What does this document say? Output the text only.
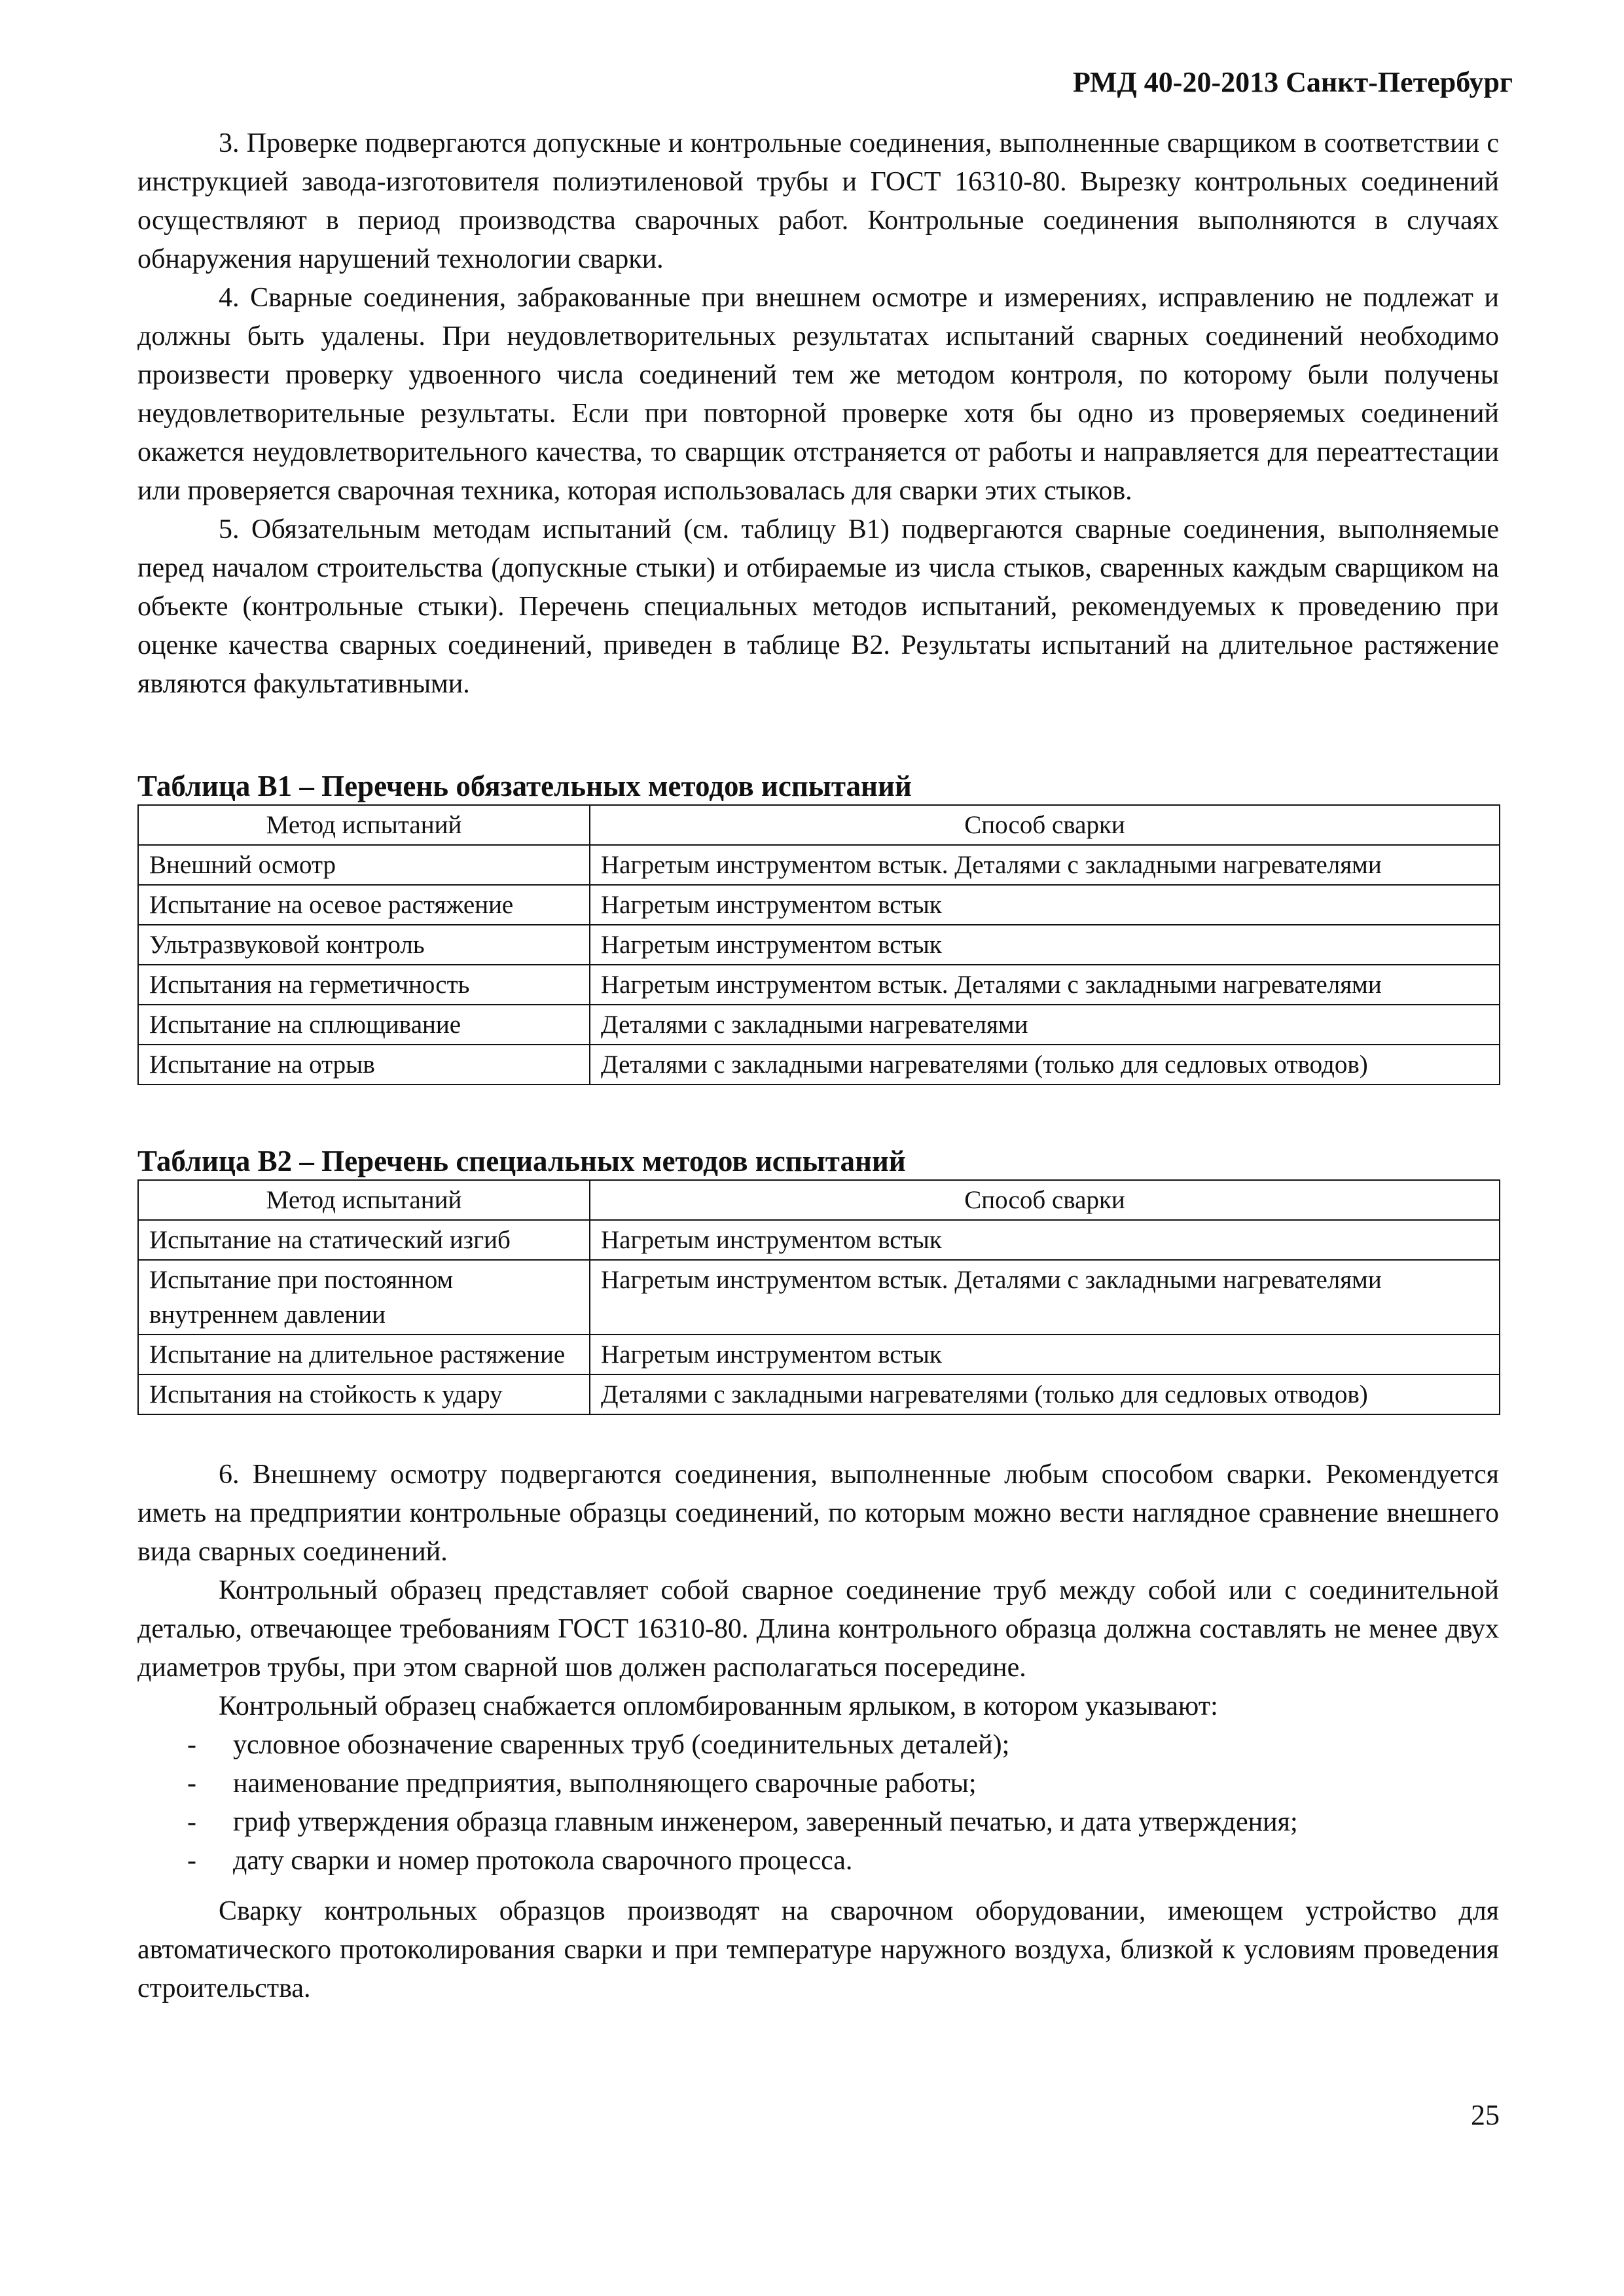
РМД 40-20-2013 Санкт-Петербург

3. Проверке подвергаются допускные и контрольные соединения, выполненные сварщиком в соответствии с инструкцией завода-изготовителя полиэтиленовой трубы и ГОСТ 16310-80. Вырезку контрольных соединений осуществляют в период производства сварочных работ. Контрольные соединения выполняются в случаях обнаружения нарушений технологии сварки.

4. Сварные соединения, забракованные при внешнем осмотре и измерениях, исправлению не подлежат и должны быть удалены. При неудовлетворительных результатах испытаний сварных соединений необходимо произвести проверку удвоенного числа соединений тем же методом контроля, по которому были получены неудовлетворительные результаты. Если при повторной проверке хотя бы одно из проверяемых соединений окажется неудовлетворительного качества, то сварщик отстраняется от работы и направляется для переаттестации или проверяется сварочная техника, которая использовалась для сварки этих стыков.

5. Обязательным методам испытаний (см. таблицу В1) подвергаются сварные соединения, выполняемые перед началом строительства (допускные стыки) и отбираемые из числа стыков, сваренных каждым сварщиком на объекте (контрольные стыки). Перечень специальных методов испытаний, рекомендуемых к проведению при оценке качества сварных соединений, приведен в таблице В2. Результаты испытаний на длительное растяжение являются факультативными.

Таблица В1 – Перечень обязательных методов испытаний
Метод испытаний	Способ сварки
Внешний осмотр	Нагретым инструментом встык. Деталями с закладными нагревателями
Испытание на осевое растяжение	Нагретым инструментом встык
Ультразвуковой контроль	Нагретым инструментом встык
Испытания на герметичность	Нагретым инструментом встык. Деталями с закладными нагревателями
Испытание на сплющивание	Деталями с закладными нагревателями
Испытание на отрыв	Деталями с закладными нагревателями (только для седловых отводов)
Таблица В2 – Перечень специальных методов испытаний
Метод испытаний	Способ сварки
Испытание на статический изгиб	Нагретым инструментом встык
Испытание при постоянном внутреннем давлении	Нагретым инструментом встык. Деталями с закладными нагревателями
Испытание на длительное растяжение	Нагретым инструментом встык
Испытания на стойкость к удару	Деталями с закладными нагревателями (только для седловых отводов)

6. Внешнему осмотру подвергаются соединения, выполненные любым способом сварки. Рекомендуется иметь на предприятии контрольные образцы соединений, по которым можно вести наглядное сравнение внешнего вида сварных соединений.

Контрольный образец представляет собой сварное соединение труб между собой или с соединительной деталью, отвечающее требованиям ГОСТ 16310-80. Длина контрольного образца должна составлять не менее двух диаметров трубы, при этом сварной шов должен располагаться посередине.

Контрольный образец снабжается опломбированным ярлыком, в котором указывают:

- условное обозначение сваренных труб (соединительных деталей);
- наименование предприятия, выполняющего сварочные работы;
- гриф утверждения образца главным инженером, заверенный печатью, и дата утверждения;
- дату сварки и номер протокола сварочного процесса.

Сварку контрольных образцов производят на сварочном оборудовании, имеющем устройство для автоматического протоколирования сварки и при температуре наружного воздуха, близкой к условиям проведения строительства.

25
